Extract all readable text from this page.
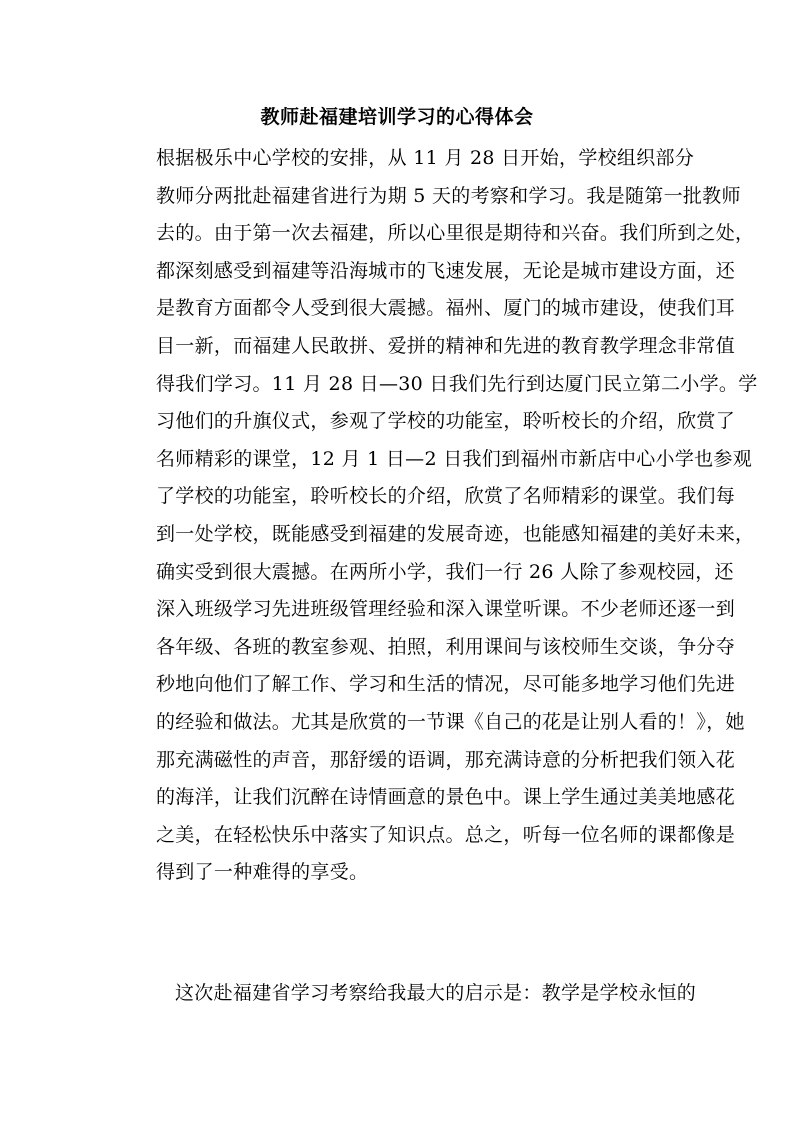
教师赴福建培训学习的心得体会
根据极乐中心学校的安排，从 11 月 28 日开始，学校组织部分
教师分两批赴福建省进行为期 5 天的考察和学习。我是随第一批教师
去的。由于第一次去福建，所以心里很是期待和兴奋。我们所到之处，
都深刻感受到福建等沿海城市的飞速发展，无论是城市建设方面，还
是教育方面都令人受到很大震撼。福州、厦门的城市建设，使我们耳
目一新，而福建人民敢拼、爱拼的精神和先进的教育教学理念非常值
得我们学习。11 月 28 日—30 日我们先行到达厦门民立第二小学。学
习他们的升旗仪式，参观了学校的功能室，聆听校长的介绍，欣赏了
名师精彩的课堂，12 月 1 日—2 日我们到福州市新店中心小学也参观
了学校的功能室，聆听校长的介绍，欣赏了名师精彩的课堂。我们每
到一处学校，既能感受到福建的发展奇迹，也能感知福建的美好未来，
确实受到很大震撼。在两所小学，我们一行 26 人除了参观校园，还
深入班级学习先进班级管理经验和深入课堂听课。不少老师还逐一到
各年级、各班的教室参观、拍照，利用课间与该校师生交谈，争分夺
秒地向他们了解工作、学习和生活的情况，尽可能多地学习他们先进
的经验和做法。尤其是欣赏的一节课《自己的花是让别人看的！》，她
那充满磁性的声音，那舒缓的语调，那充满诗意的分析把我们领入花
的海洋，让我们沉醉在诗情画意的景色中。课上学生通过美美地感花
之美，在轻松快乐中落实了知识点。总之，听每一位名师的课都像是
得到了一种难得的享受。
这次赴福建省学习考察给我最大的启示是：教学是学校永恒的
